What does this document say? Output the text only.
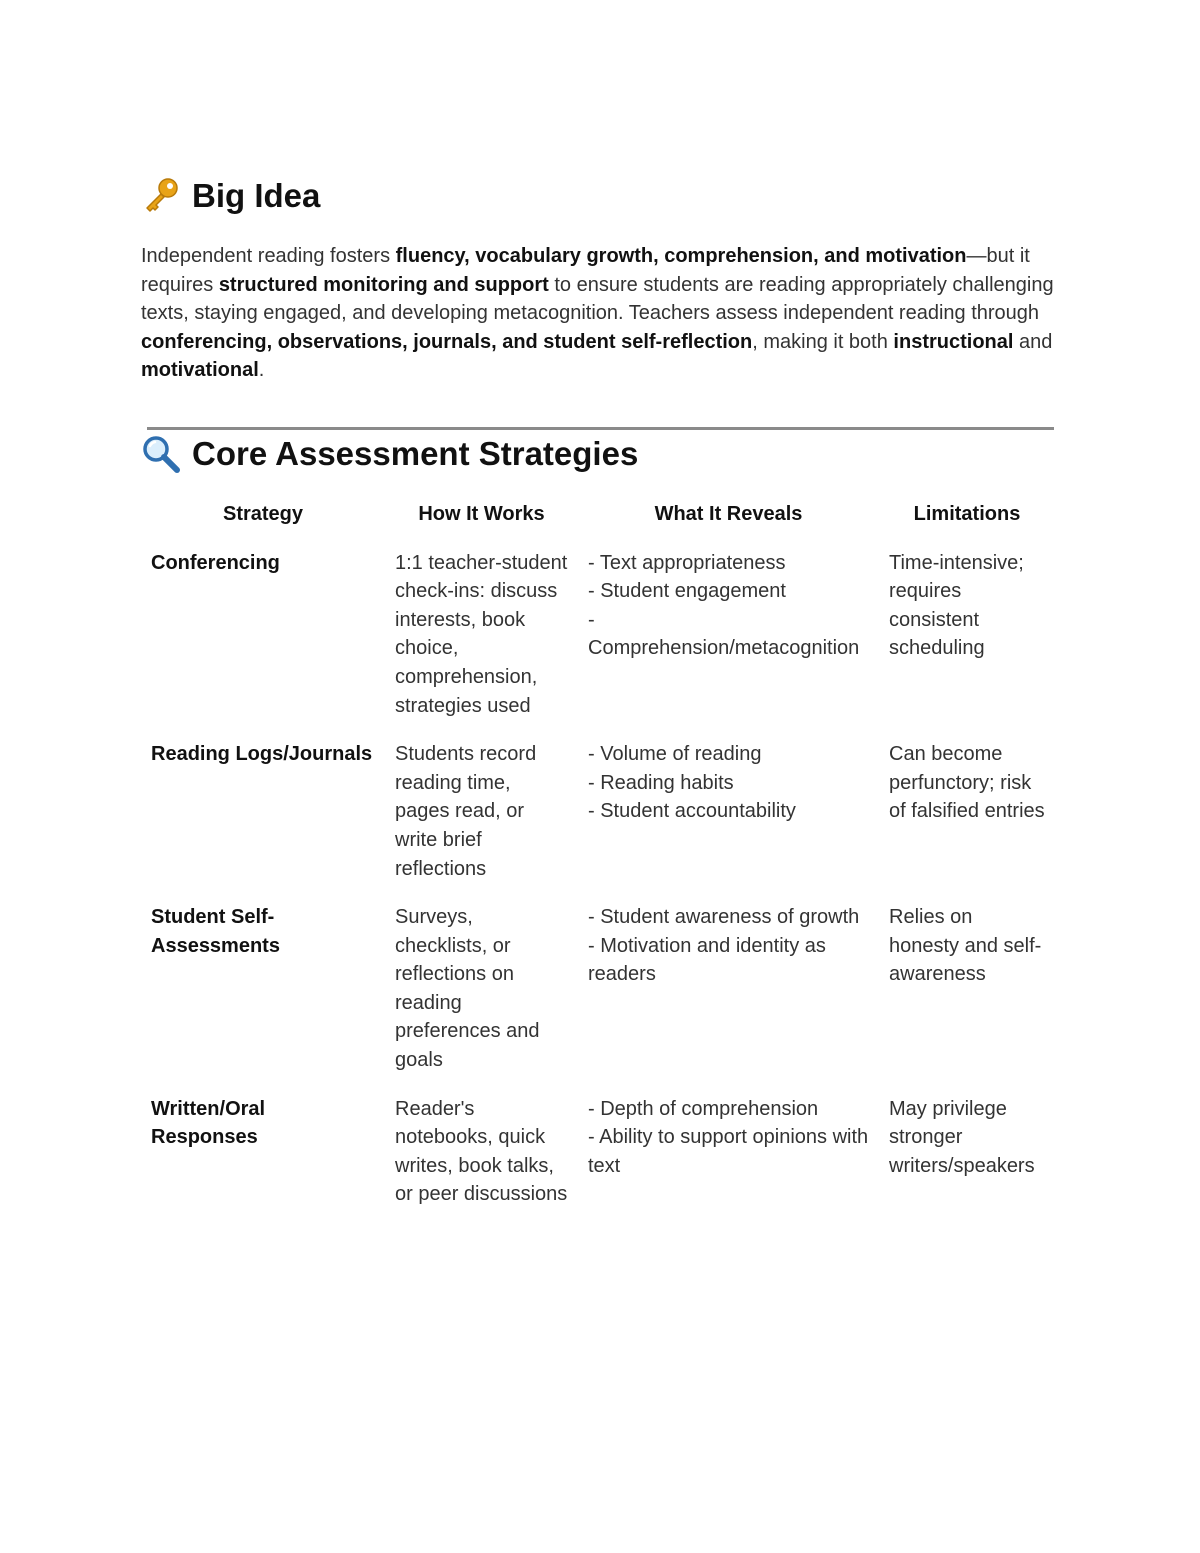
Big Idea

Independent reading fosters fluency, vocabulary growth, comprehension, and motivation—but it requires structured monitoring and support to ensure students are reading appropriately challenging texts, staying engaged, and developing metacognition. Teachers assess independent reading through conferencing, observations, journals, and student self-reflection, making it both instructional and motivational.

Core Assessment Strategies
Strategy	How It Works	What It Reveals	Limitations
Conferencing	1:1 teacher-student check-ins: discuss interests, book choice, comprehension, strategies used	- Text appropriateness
- Student engagement
- Comprehension/metacognition	Time-intensive; requires consistent scheduling
Reading Logs/Journals	Students record reading time, pages read, or write brief reflections	- Volume of reading
- Reading habits
- Student accountability	Can become perfunctory; risk of falsified entries
Student Self-Assessments	Surveys, checklists, or reflections on reading preferences and goals	- Student awareness of growth
- Motivation and identity as readers	Relies on honesty and self-awareness
Written/Oral Responses	Reader's notebooks, quick writes, book talks, or peer discussions	- Depth of comprehension
- Ability to support opinions with text	May privilege stronger writers/speakers
